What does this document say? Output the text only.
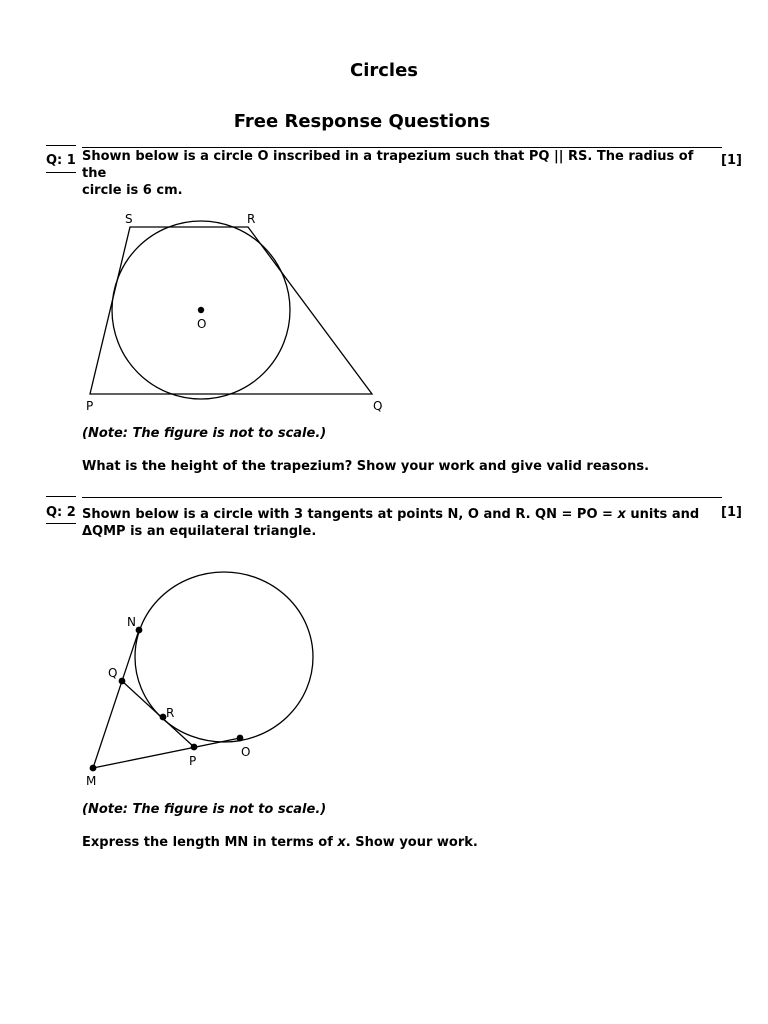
Circles
Free Response Questions
Q: 1 Shown below is a circle O inscribed in a trapezium such that PQ || RS. The radius of the
circle is 6 cm.
[1]
S	R
O
P	Q
(Note: The figure is not to scale.)
What is the height of the trapezium? Show your work and give valid reasons.
Q: 2 Shown below is a circle with 3 tangents at points N, O and R. QN = PO = x units and
ΔQMP is an equilateral triangle.
[1]
N
Q
R
P
O
M
(Note: The figure is not to scale.)
Express the length MN in terms of x. Show your work.
